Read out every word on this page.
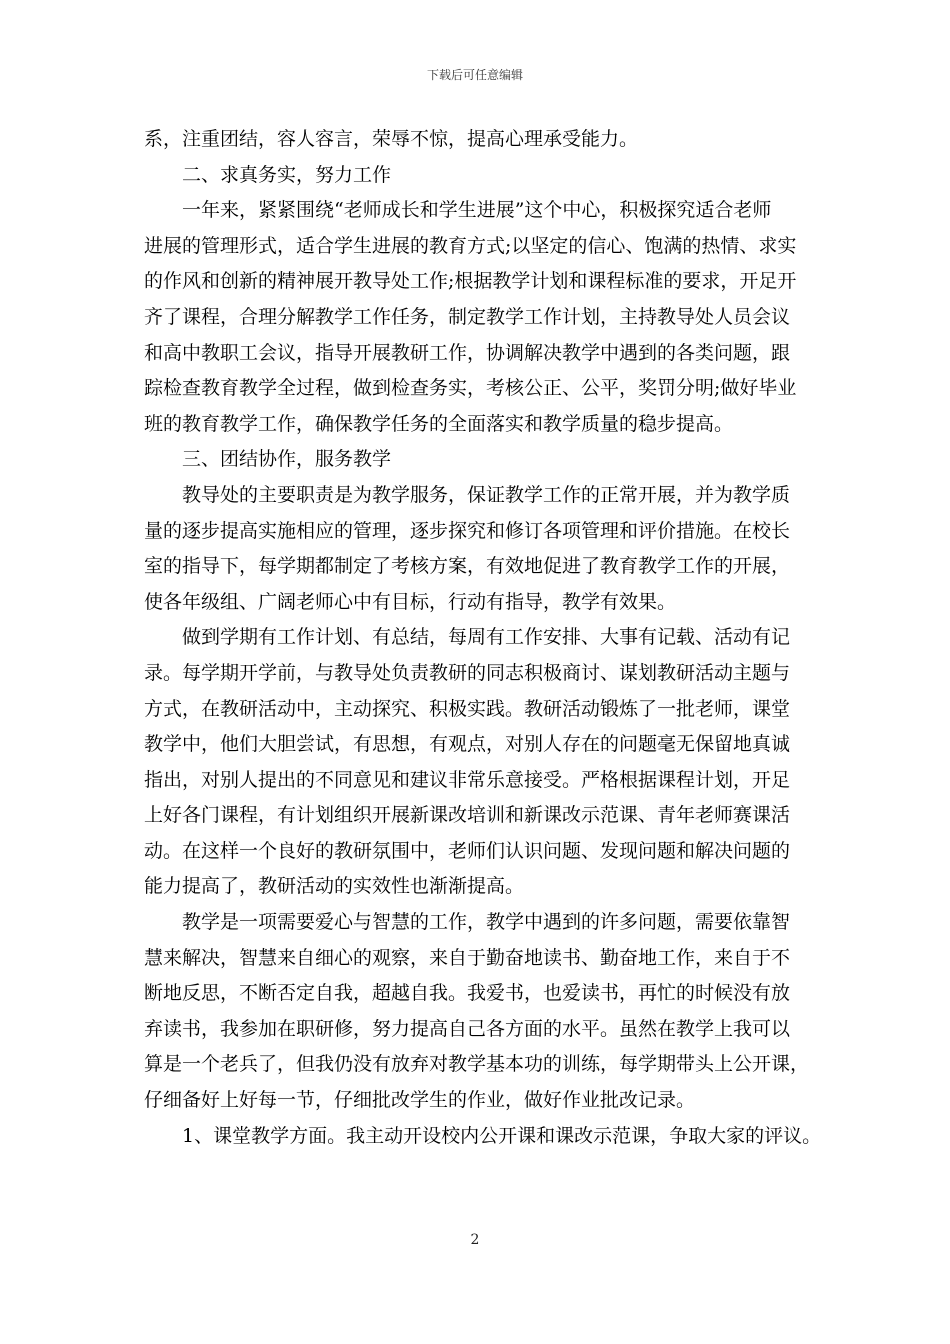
下载后可任意编辑
系，注重团结，容人容言，荣辱不惊，提高心理承受能力。
二、求真务实，努力工作
一年来，紧紧围绕“老师成长和学生进展”这个中心，积极探究适合老师
进展的管理形式，适合学生进展的教育方式;以坚定的信心、饱满的热情、求实
的作风和创新的精神展开教导处工作;根据教学计划和课程标准的要求，开足开
齐了课程，合理分解教学工作任务，制定教学工作计划，主持教导处人员会议
和高中教职工会议，指导开展教研工作，协调解决教学中遇到的各类问题，跟
踪检查教育教学全过程，做到检查务实，考核公正、公平，奖罚分明;做好毕业
班的教育教学工作，确保教学任务的全面落实和教学质量的稳步提高。
三、团结协作，服务教学
教导处的主要职责是为教学服务，保证教学工作的正常开展，并为教学质
量的逐步提高实施相应的管理，逐步探究和修订各项管理和评价措施。在校长
室的指导下，每学期都制定了考核方案，有效地促进了教育教学工作的开展，
使各年级组、广阔老师心中有目标，行动有指导，教学有效果。
做到学期有工作计划、有总结，每周有工作安排、大事有记载、活动有记
录。每学期开学前，与教导处负责教研的同志积极商讨、谋划教研活动主题与
方式，在教研活动中，主动探究、积极实践。教研活动锻炼了一批老师，课堂
教学中，他们大胆尝试，有思想，有观点，对别人存在的问题毫无保留地真诚
指出，对别人提出的不同意见和建议非常乐意接受。严格根据课程计划，开足
上好各门课程，有计划组织开展新课改培训和新课改示范课、青年老师赛课活
动。在这样一个良好的教研氛围中，老师们认识问题、发现问题和解决问题的
能力提高了，教研活动的实效性也渐渐提高。
教学是一项需要爱心与智慧的工作，教学中遇到的许多问题，需要依靠智
慧来解决，智慧来自细心的观察，来自于勤奋地读书、勤奋地工作，来自于不
断地反思，不断否定自我，超越自我。我爱书，也爱读书，再忙的时候没有放
弃读书，我参加在职研修，努力提高自己各方面的水平。虽然在教学上我可以
算是一个老兵了，但我仍没有放弃对教学基本功的训练，每学期带头上公开课，
仔细备好上好每一节，仔细批改学生的作业，做好作业批改记录。
1、课堂教学方面。我主动开设校内公开课和课改示范课，争取大家的评议。
2
